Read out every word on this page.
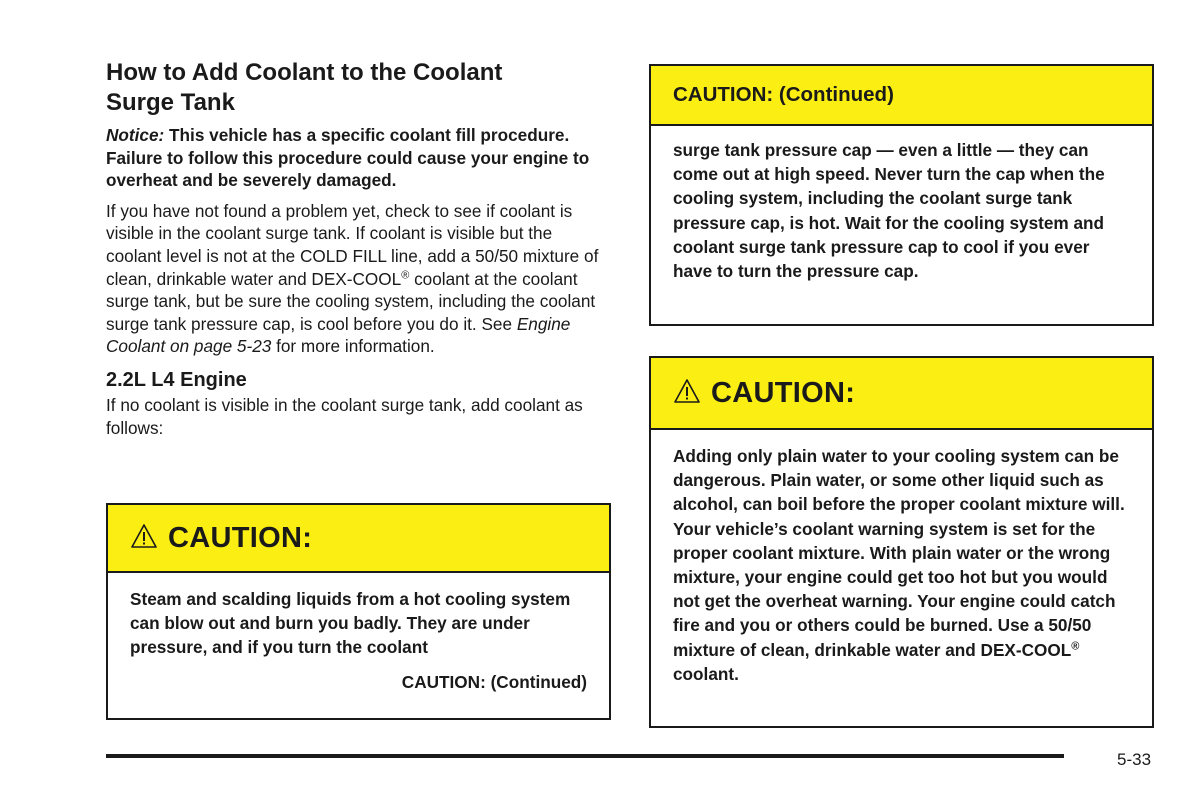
How to Add Coolant to the Coolant
Surge Tank

Notice: This vehicle has a specific coolant fill procedure. Failure to follow this procedure could cause your engine to overheat and be severely damaged.

If you have not found a problem yet, check to see if coolant is visible in the coolant surge tank. If coolant is visible but the coolant level is not at the COLD FILL line, add a 50/50 mixture of clean, drinkable water and DEX-COOL® coolant at the coolant surge tank, but be sure the cooling system, including the coolant surge tank pressure cap, is cool before you do it. See Engine Coolant on page 5-23 for more information.

2.2L L4 Engine

If no coolant is visible in the coolant surge tank, add coolant as follows:

CAUTION:
Steam and scalding liquids from a hot cooling system can blow out and burn you badly. They are under pressure, and if you turn the coolant
CAUTION: (Continued)
CAUTION: (Continued)
surge tank pressure cap — even a little — they can come out at high speed. Never turn the cap when the cooling system, including the coolant surge tank pressure cap, is hot. Wait for the cooling system and coolant surge tank pressure cap to cool if you ever have to turn the pressure cap.
CAUTION:
Adding only plain water to your cooling system can be dangerous. Plain water, or some other liquid such as alcohol, can boil before the proper coolant mixture will. Your vehicle’s coolant warning system is set for the proper coolant mixture. With plain water or the wrong mixture, your engine could get too hot but you would not get the overheat warning. Your engine could catch fire and you or others could be burned. Use a 50/50 mixture of clean, drinkable water and DEX-COOL® coolant.
5-33
